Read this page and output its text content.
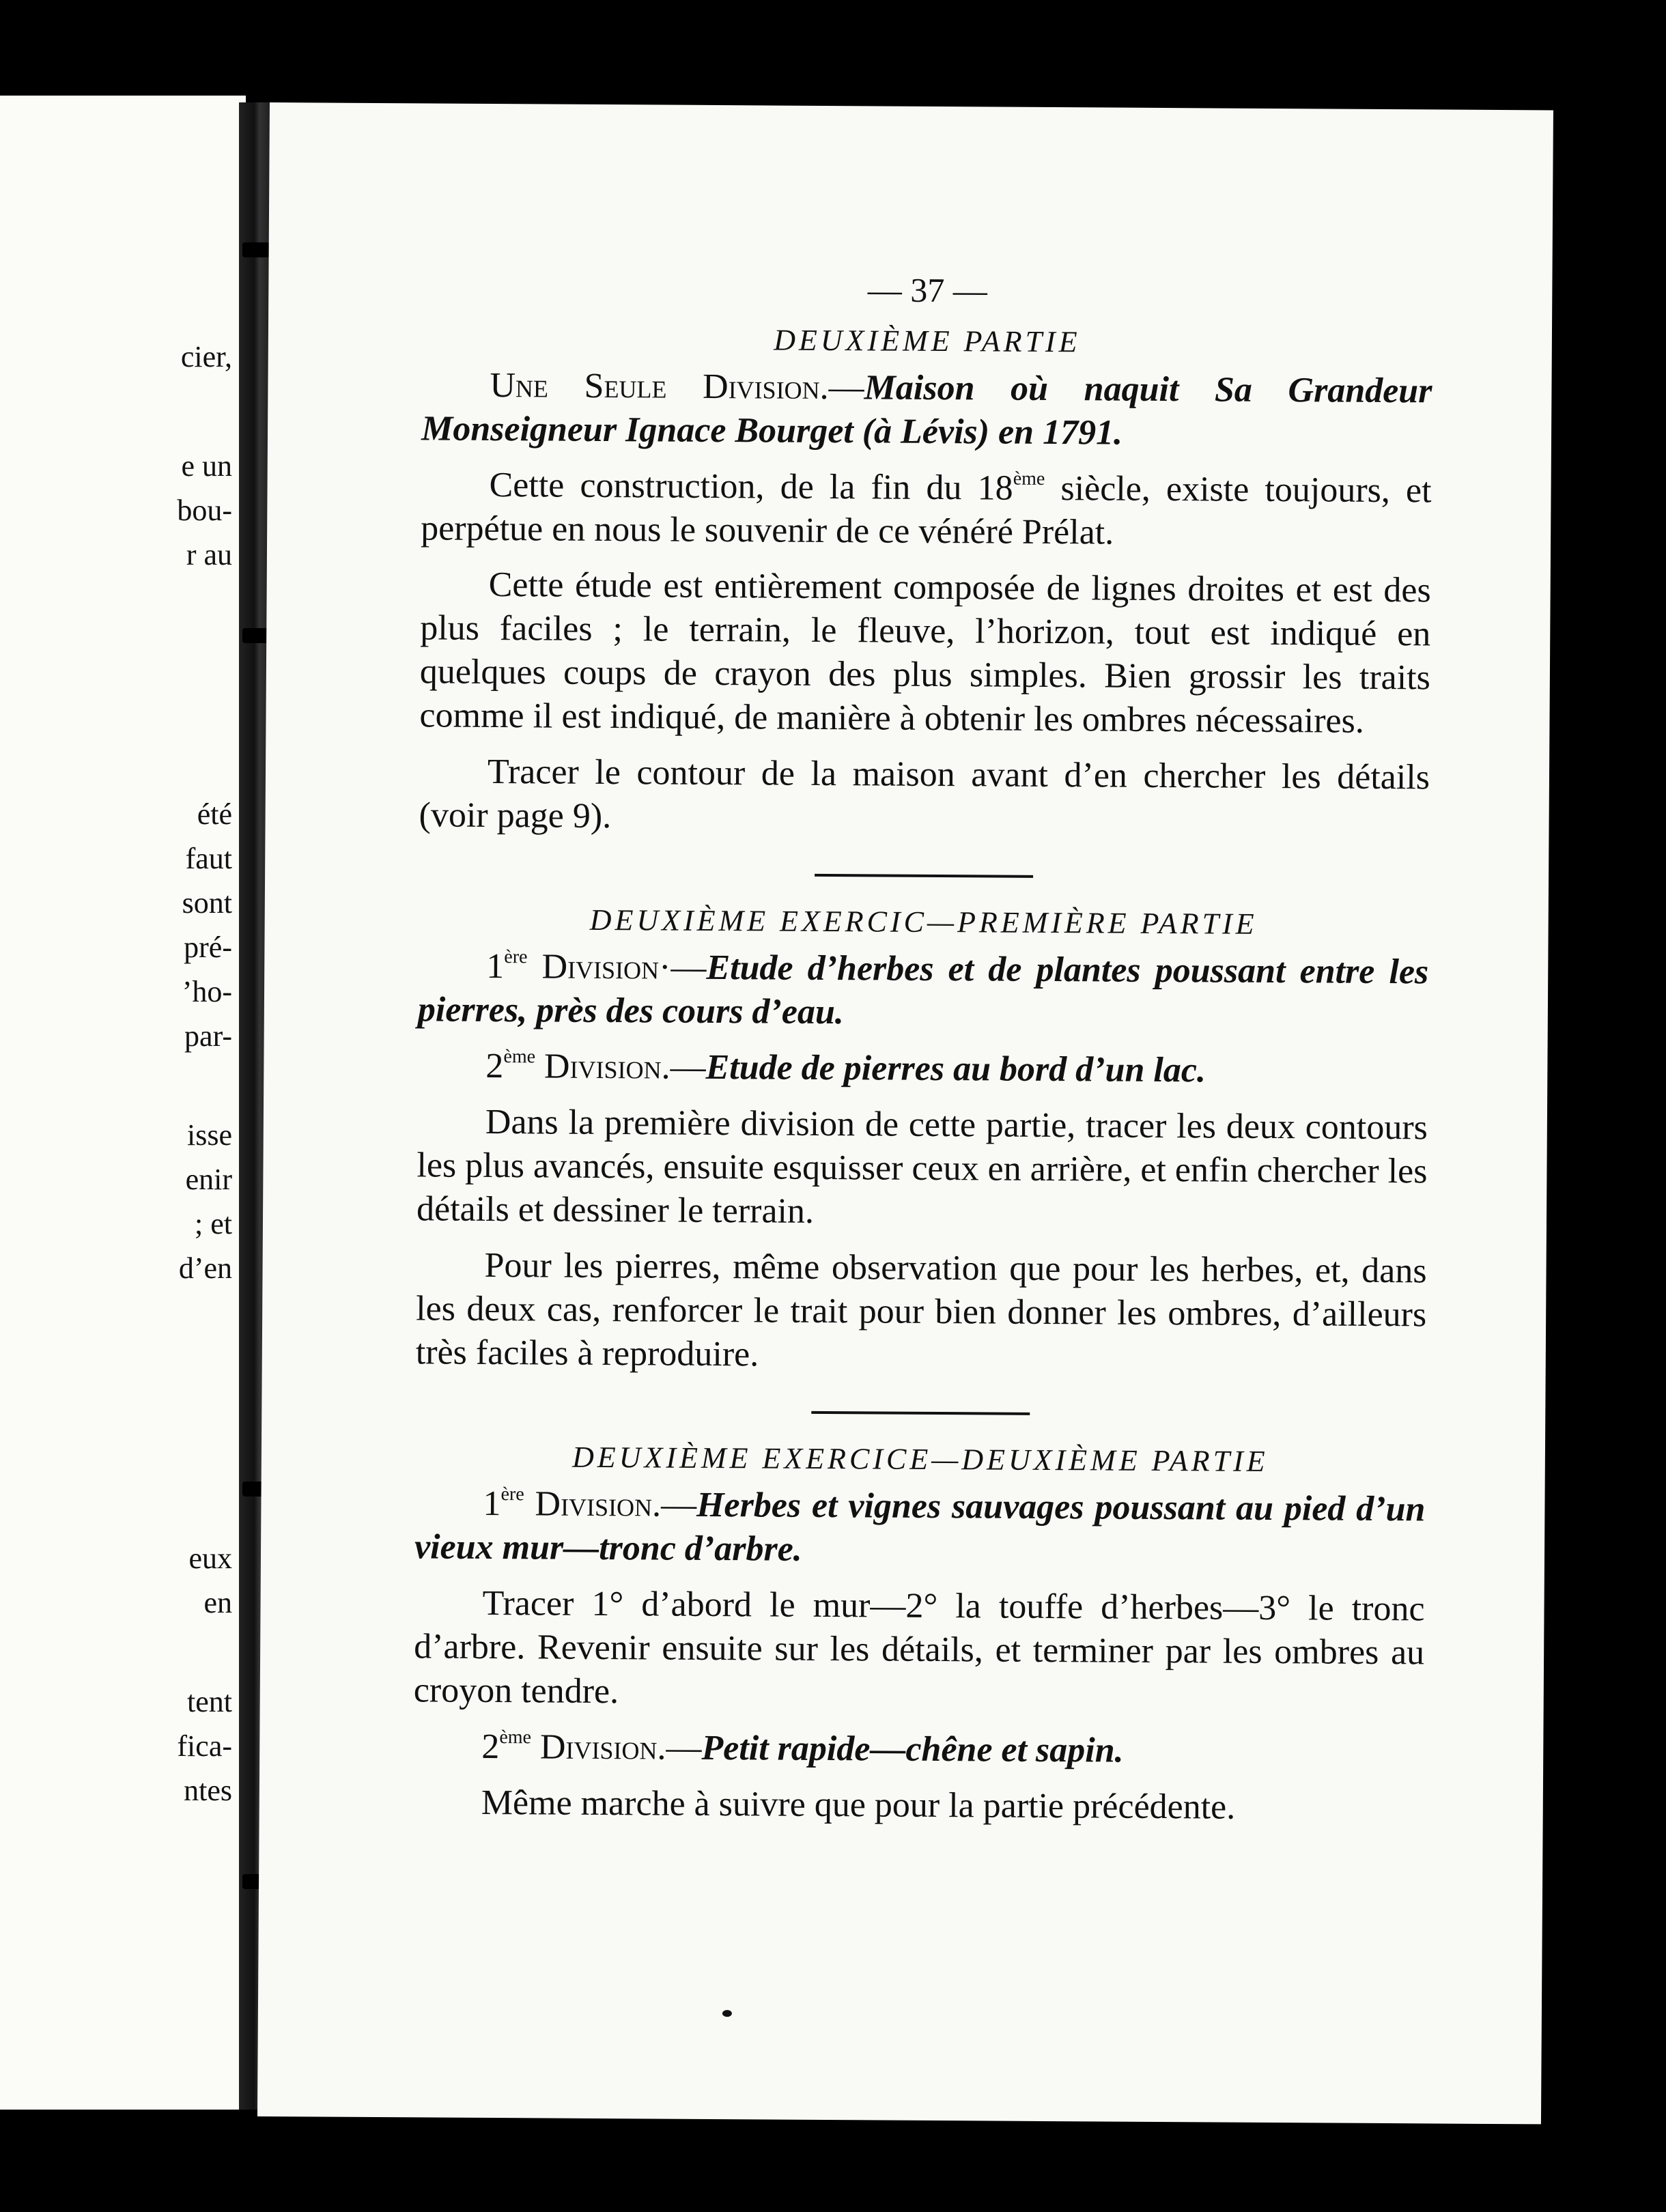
cier,
e un
bou-
r au
été
faut
sont
pré-
’ho-
par-
isse
enir
; et
d’en
eux
en
tent
fica-
ntes
— 37 —
DEUXIÈME PARTIE

Une Seule Division.—Maison où naquit Sa Grandeur Monseigneur Ignace Bourget (à Lévis) en 1791.

Cette construction, de la fin du 18ème siècle, existe toujours, et perpétue en nous le souvenir de ce vénéré Prélat.

Cette étude est entièrement composée de lignes droites et est des plus faciles ; le terrain, le fleuve, l’horizon, tout est indiqué en quelques coups de crayon des plus simples. Bien grossir les traits comme il est indiqué, de manière à obtenir les ombres nécessaires.

Tracer le contour de la maison avant d’en chercher les détails (voir page 9).

DEUXIÈME EXERCIC—PREMIÈRE PARTIE

1ère Division·—Etude d’herbes et de plantes poussant entre les pierres, près des cours d’eau.

2ème Division.—Etude de pierres au bord d’un lac.

Dans la première division de cette partie, tracer les deux contours les plus avancés, ensuite esquisser ceux en arrière, et enfin chercher les détails et dessiner le terrain.

Pour les pierres, même observation que pour les herbes, et, dans les deux cas, renforcer le trait pour bien donner les ombres, d’ailleurs très faciles à reproduire.

DEUXIÈME EXERCICE—DEUXIÈME PARTIE

1ère Division.—Herbes et vignes sauvages poussant au pied d’un vieux mur—tronc d’arbre.

Tracer 1° d’abord le mur—2° la touffe d’herbes—3° le tronc d’arbre. Revenir ensuite sur les détails, et terminer par les ombres au croyon tendre.

2ème Division.—Petit rapide—chêne et sapin.

Même marche à suivre que pour la partie précédente.
